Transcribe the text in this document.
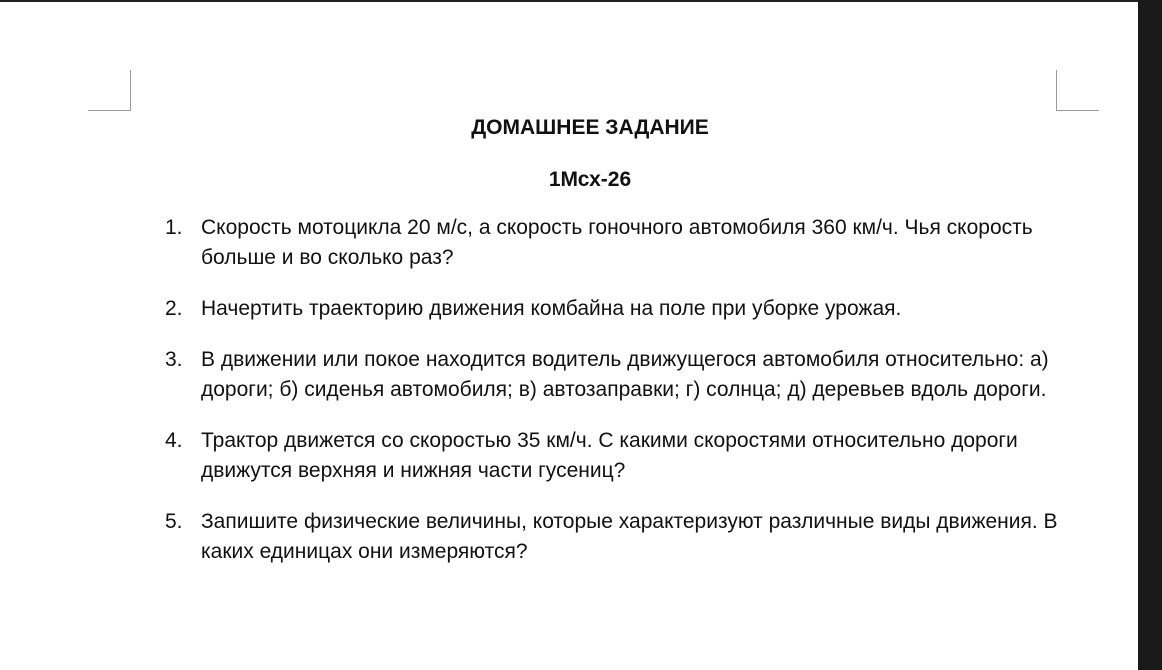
ДОМАШНЕЕ ЗАДАНИЕ
1Мсх-26
1. Скорость мотоцикла 20 м/с, а скорость гоночного автомобиля 360 км/ч. Чья скорость больше и во сколько раз?
2. Начертить траекторию движения комбайна на поле при уборке урожая.
3. В движении или покое находится водитель движущегося автомобиля относительно: а) дороги; б) сиденья автомобиля; в) автозаправки; г) солнца; д) деревьев вдоль дороги.
4. Трактор движется со скоростью 35 км/ч. С какими скоростями относительно дороги движутся верхняя и нижняя части гусениц?
5. Запишите физические величины, которые характеризуют различные виды движения. В каких единицах они измеряются?
